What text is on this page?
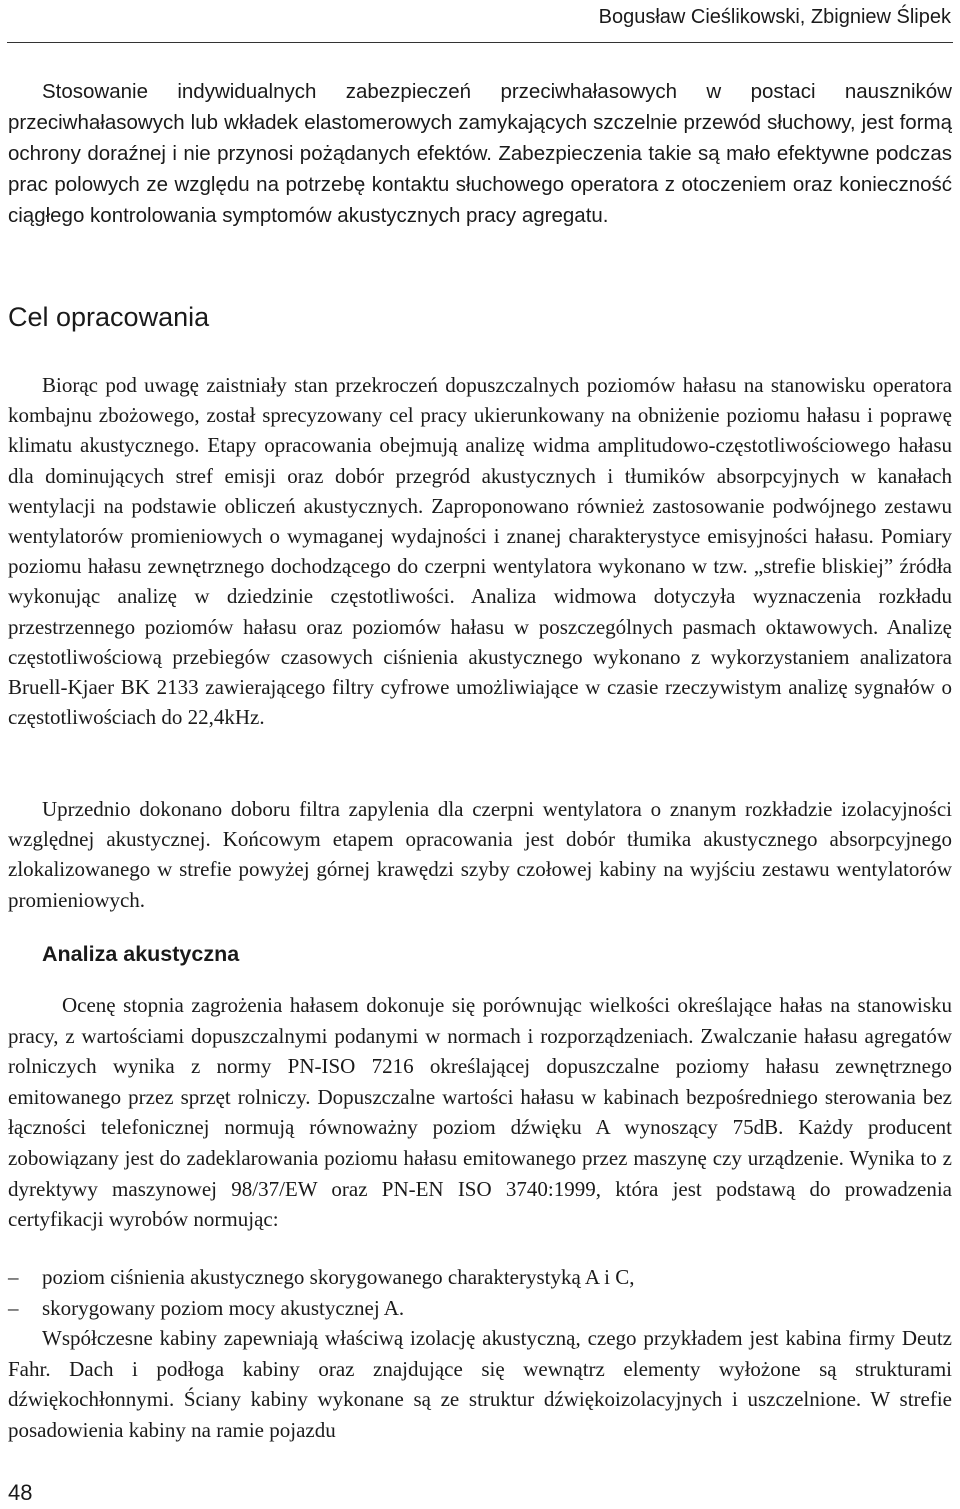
Bogusław Cieślikowski, Zbigniew Ślipek

Stosowanie indywidualnych zabezpieczeń przeciwhałasowych w postaci nauszników przeciwhałasowych lub wkładek elastomerowych zamykających szczelnie przewód słuchowy, jest formą ochrony doraźnej i nie przynosi pożądanych efektów. Zabezpieczenia takie są mało efektywne podczas prac polowych ze względu na potrzebę kontaktu słuchowego operatora z otoczeniem oraz konieczność ciągłego kontrolowania symptomów akustycznych pracy agregatu.

Cel opracowania

Biorąc pod uwagę zaistniały stan przekroczeń dopuszczalnych poziomów hałasu na stanowisku operatora kombajnu zbożowego, został sprecyzowany cel pracy ukierunkowany na obniżenie poziomu hałasu i poprawę klimatu akustycznego. Etapy opracowania obejmują analizę widma amplitudowo-częstotliwościowego hałasu dla dominujących stref emisji oraz dobór przegród akustycznych i tłumików absorpcyjnych w kanałach wentylacji na podstawie obliczeń akustycznych. Zaproponowano również zastosowanie podwójnego zestawu wentylatorów promieniowych o wymaganej wydajności i znanej charakterystyce emisyjności hałasu. Pomiary poziomu hałasu zewnętrznego dochodzącego do czerpni wentylatora wykonano w tzw. „strefie bliskiej” źródła wykonując analizę w dziedzinie częstotliwości. Analiza widmowa dotyczyła wyznaczenia rozkładu przestrzennego poziomów hałasu oraz poziomów hałasu w poszczególnych pasmach oktawowych. Analizę częstotliwościową przebiegów czasowych ciśnienia akustycznego wykonano z wykorzystaniem analizatora Bruell-Kjaer BK 2133 zawierającego filtry cyfrowe umożliwiające w czasie rzeczywistym analizę sygnałów o częstotliwościach do 22,4kHz.

Uprzednio dokonano doboru filtra zapylenia dla czerpni wentylatora o znanym rozkładzie izolacyjności względnej akustycznej. Końcowym etapem opracowania jest dobór tłumika akustycznego absorpcyjnego zlokalizowanego w strefie powyżej górnej krawędzi szyby czołowej kabiny na wyjściu zestawu wentylatorów promieniowych.

Analiza akustyczna

Ocenę stopnia zagrożenia hałasem dokonuje się porównując wielkości określające hałas na stanowisku pracy, z wartościami dopuszczalnymi podanymi w normach i rozporządzeniach. Zwalczanie hałasu agregatów rolniczych wynika z normy PN-ISO 7216 określającej dopuszczalne poziomy hałasu zewnętrznego emitowanego przez sprzęt rolniczy. Dopuszczalne wartości hałasu w kabinach bezpośredniego sterowania bez łączności telefonicznej normują równoważny poziom dźwięku A wynoszący 75dB. Każdy producent zobowiązany jest do zadeklarowania poziomu hałasu emitowanego przez maszynę czy urządzenie. Wynika to z dyrektywy maszynowej 98/37/EW oraz PN-EN ISO 3740:1999, która jest podstawą do prowadzenia certyfikacji wyrobów normując:

– poziom ciśnienia akustycznego skorygowanego charakterystyką A i C,
– skorygowany poziom mocy akustycznej A.

Współczesne kabiny zapewniają właściwą izolację akustyczną, czego przykładem jest kabina firmy Deutz Fahr. Dach i podłoga kabiny oraz znajdujące się wewnątrz elementy wyłożone są strukturami dźwiękochłonnymi. Ściany kabiny wykonane są ze struktur dźwiękoizolacyjnych i uszczelnione. W strefie posadowienia kabiny na ramie pojazdu

48
